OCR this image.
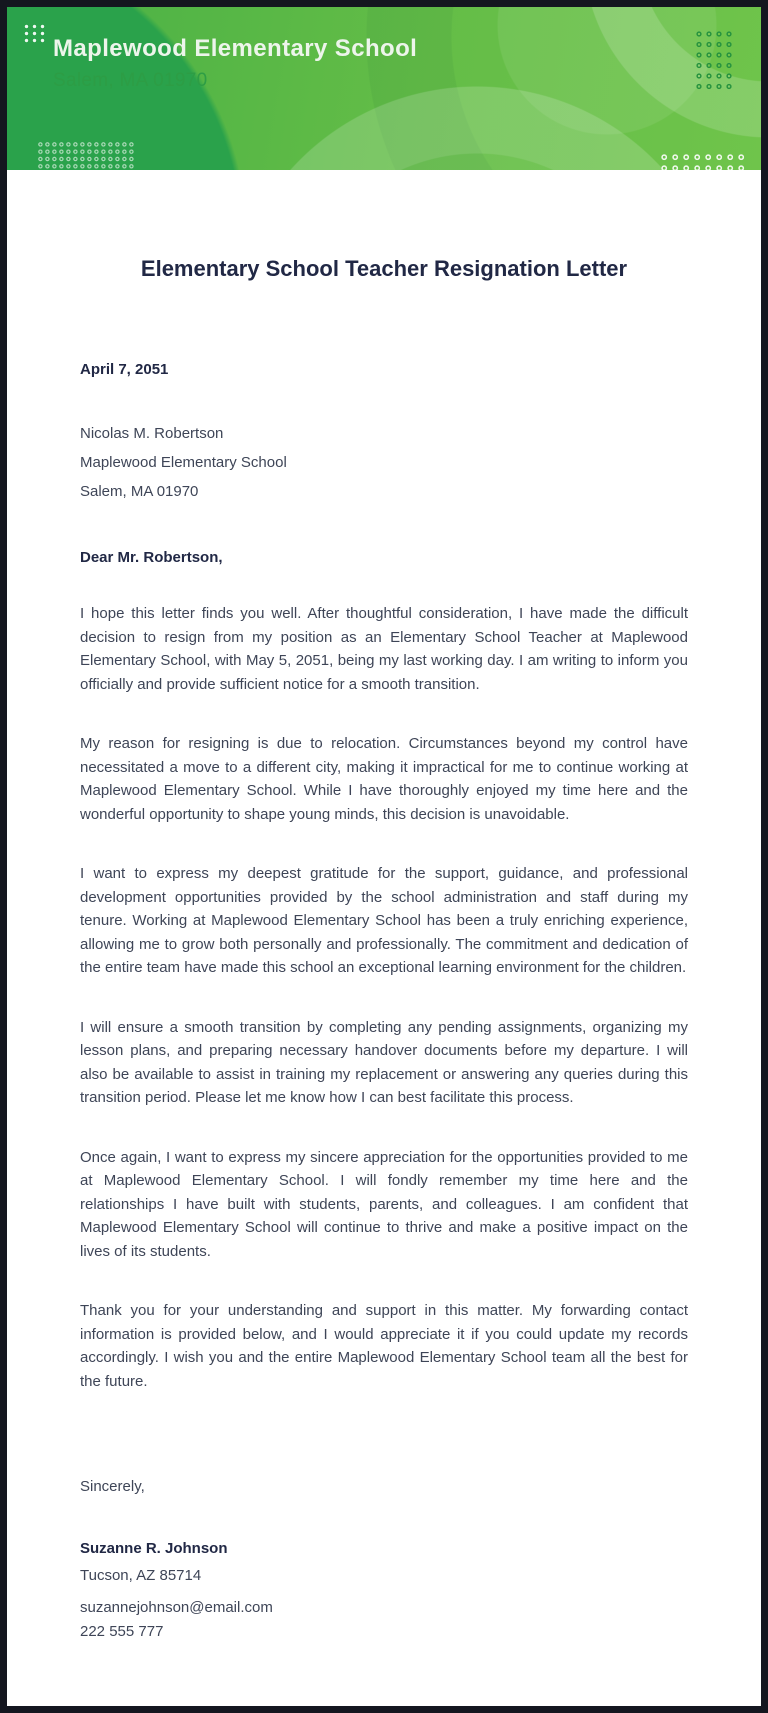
Maplewood Elementary School
Salem, MA 01970
Elementary School Teacher Resignation Letter
April 7, 2051
Nicolas M. Robertson
Maplewood Elementary School
Salem, MA 01970
Dear Mr. Robertson,

I hope this letter finds you well. After thoughtful consideration, I have made the difficult decision to resign from my position as an Elementary School Teacher at Maplewood Elementary School, with May 5, 2051, being my last working day. I am writing to inform you officially and provide sufficient notice for a smooth transition.

My reason for resigning is due to relocation. Circumstances beyond my control have necessitated a move to a different city, making it impractical for me to continue working at Maplewood Elementary School. While I have thoroughly enjoyed my time here and the wonderful opportunity to shape young minds, this decision is unavoidable.

I want to express my deepest gratitude for the support, guidance, and professional development opportunities provided by the school administration and staff during my tenure. Working at Maplewood Elementary School has been a truly enriching experience, allowing me to grow both personally and professionally. The commitment and dedication of the entire team have made this school an exceptional learning environment for the children.

I will ensure a smooth transition by completing any pending assignments, organizing my lesson plans, and preparing necessary handover documents before my departure. I will also be available to assist in training my replacement or answering any queries during this transition period. Please let me know how I can best facilitate this process.

Once again, I want to express my sincere appreciation for the opportunities provided to me at Maplewood Elementary School. I will fondly remember my time here and the relationships I have built with students, parents, and colleagues. I am confident that Maplewood Elementary School will continue to thrive and make a positive impact on the lives of its students.

Thank you for your understanding and support in this matter. My forwarding contact information is provided below, and I would appreciate it if you could update my records accordingly. I wish you and the entire Maplewood Elementary School team all the best for the future.

Sincerely,
Suzanne R. Johnson
Tucson, AZ 85714
suzannejohnson@email.com
222 555 777
